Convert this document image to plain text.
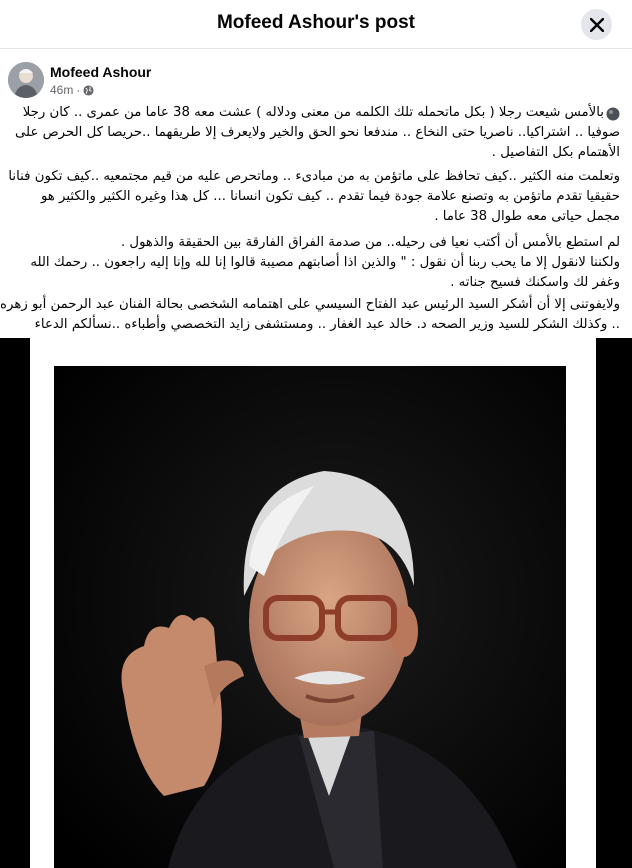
Mofeed Ashour's post
Mofeed Ashour
46m ·
بالأمس شيعت رجلا ( بكل ماتحمله تلك الكلمه من معنى ودلاله ) عشت معه 38 عاما من عمرى .. كان رجلا
صوفيا .. اشتراكيا.. ناصريا حتى النخاع .. مندفعا نحو الحق والخير ولايعرف إلا طريقهما ..حريصا كل الحرص على
الأهتمام بكل التفاصيل .
وتعلمت منه الكثير ..كيف تحافظ على ماتؤمن به من مبادىء .. وماتحرص عليه من قيم مجتمعيه ..كيف تكون فنانا
حقيقيا تقدم ماتؤمن به وتصنع علامة جودة فيما تقدم .. كيف تكون انسانا ... كل هذا وغيره الكثير والكثير هو
مجمل حياتى معه طوال 38 عاما .
لم استطع بالأمس أن أكتب نعيا فى رحيله.. من صدمة الفراق الفارقة بين الحقيقة والذهول .
ولكننا لانقول إلا ما يحب ربنا أن نقول : " والذين اذا أصابتهم مصيبة قالوا إنا لله وإنا إليه راجعون .. رحمك الله
وغفر لك واسكنك فسيح جناته .
ولايفوتنى إلا أن أشكر السيد الرئيس عبد الفتاح السيسي على اهتمامه الشخصى بحالة الفنان عبد الرحمن أبو زهره
.. وكذلك الشكر للسيد وزير الصحه د. خالد عبد الغفار .. ومستشفى زايد التخصصي وأطباءه ..نسألكم الدعاء
